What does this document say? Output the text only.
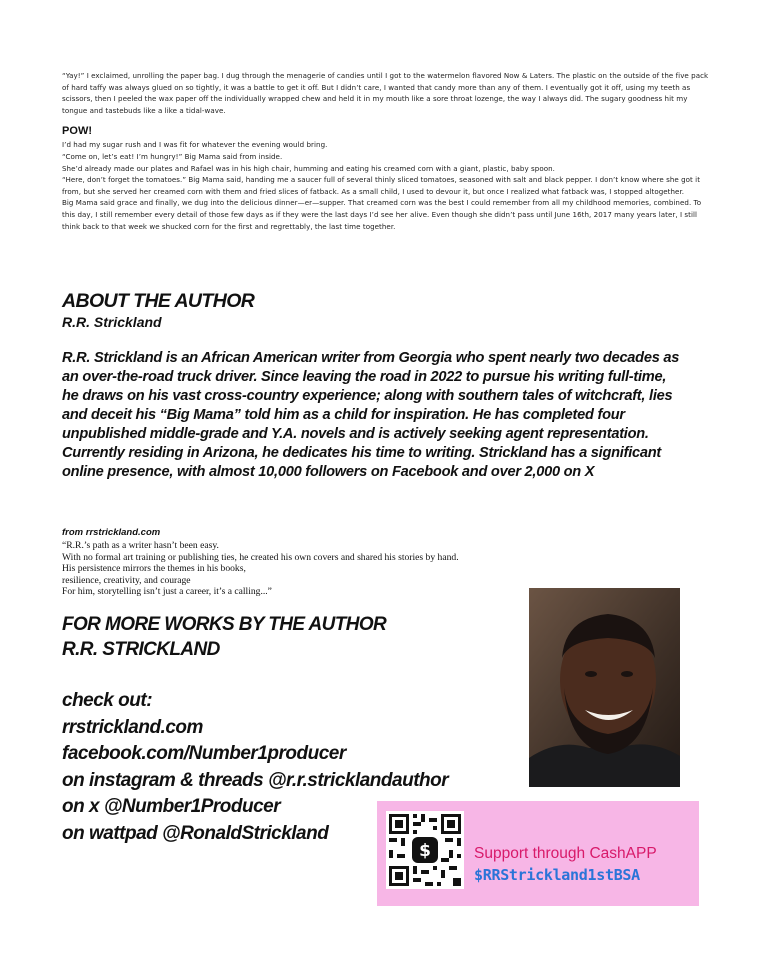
“Yay!” I exclaimed, unrolling the paper bag. I dug through the menagerie of candies until I got to the watermelon flavored Now & Laters. The plastic on the outside of the five pack of hard taffy was always glued on so tightly, it was a battle to get it off. But I didn’t care, I wanted that candy more than any of them. I eventually got it off, using my teeth as scissors, then I peeled the wax paper off the individually wrapped chew and held it in my mouth like a sore throat lozenge, the way I always did. The sugary goodness hit my tongue and tastebuds like a like a tidal-wave.

POW!

I’d had my sugar rush and I was fit for whatever the evening would bring.

“Come on, let’s eat! I’m hungry!” Big Mama said from inside.

She’d already made our plates and Rafael was in his high chair, humming and eating his creamed corn with a giant, plastic, baby spoon.

“Here, don’t forget the tomatoes.” Big Mama said, handing me a saucer full of several thinly sliced tomatoes, seasoned with salt and black pepper. I don’t know where she got it from, but she served her creamed corn with them and fried slices of fatback. As a small child, I used to devour it, but once I realized what fatback was, I stopped altogether.

Big Mama said grace and finally, we dug into the delicious dinner—er—supper. That creamed corn was the best I could remember from all my childhood memories, combined. To this day, I still remember every detail of those few days as if they were the last days I’d see her alive. Even though she didn’t pass until June 16th, 2017 many years later, I still think back to that week we shucked corn for the first and regrettably, the last time together.

ABOUT THE AUTHOR
R.R. Strickland

R.R. Strickland is an African American writer from Georgia who spent nearly two decades as an over-the-road truck driver. Since leaving the road in 2022 to pursue his writing full-time, he draws on his vast cross-country experience; along with southern tales of witchcraft, lies and deceit his “Big Mama” told him as a child for inspiration. He has completed four unpublished middle-grade and Y.A. novels and is actively seeking agent representation. Currently residing in Arizona, he dedicates his time to writing. Strickland has a significant online presence, with almost 10,000 followers on Facebook and over 2,000 on X

from rrstrickland.com
“R.R.’s path as a writer hasn’t been easy.
With no formal art training or publishing ties, he created his own covers and shared his stories by hand.
His persistence mirrors the themes in his books,
resilience, creativity, and courage
For him, storytelling isn’t just a career, it’s a calling...”
FOR MORE WORKS BY THE AUTHOR
R.R. STRICKLAND
check out:
rrstrickland.com
facebook.com/Number1producer
on instagram & threads @r.r.stricklandauthor
on x @Number1Producer
on wattpad @RonaldStrickland
$	Support through CashAPP
$RRStrickland1stBSA
